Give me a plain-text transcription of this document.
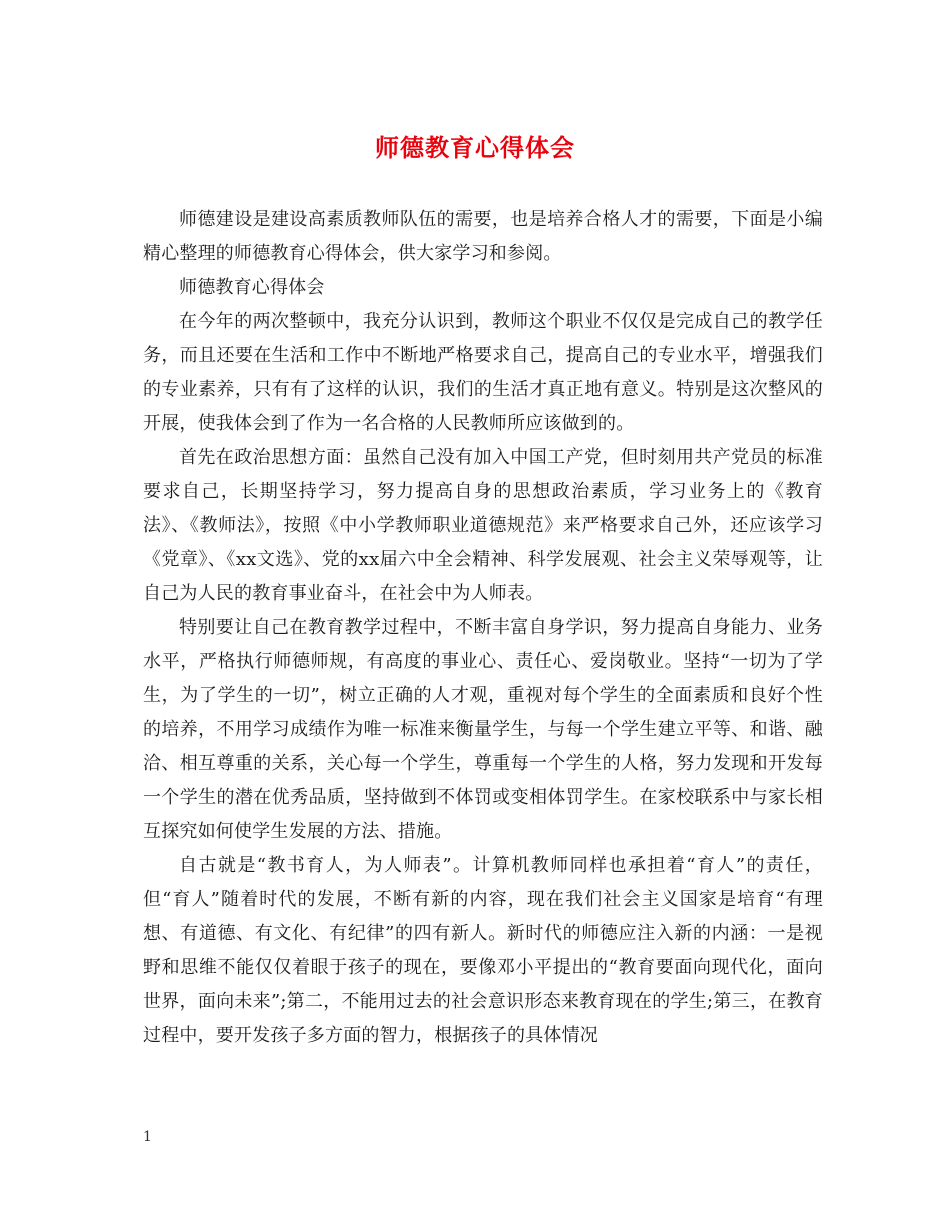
师德教育心得体会

师德建设是建设高素质教师队伍的需要，也是培养合格人才的需要，下面是小编精心整理的师德教育心得体会，供大家学习和参阅。

师德教育心得体会

在今年的两次整顿中，我充分认识到，教师这个职业不仅仅是完成自己的教学任务，而且还要在生活和工作中不断地严格要求自己，提高自己的专业水平，增强我们的专业素养，只有有了这样的认识，我们的生活才真正地有意义。特别是这次整风的开展，使我体会到了作为一名合格的人民教师所应该做到的。

首先在政治思想方面：虽然自己没有加入中国工产党，但时刻用共产党员的标准要求自己，长期坚持学习，努力提高自身的思想政治素质，学习业务上的《教育法》、《教师法》，按照《中小学教师职业道德规范》来严格要求自己外，还应该学习《党章》、《xx文选》、党的xx届六中全会精神、科学发展观、社会主义荣辱观等，让自己为人民的教育事业奋斗，在社会中为人师表。

特别要让自己在教育教学过程中，不断丰富自身学识，努力提高自身能力、业务水平，严格执行师德师规，有高度的事业心、责任心、爱岗敬业。坚持“一切为了学生，为了学生的一切”，树立正确的人才观，重视对每个学生的全面素质和良好个性的培养，不用学习成绩作为唯一标准来衡量学生，与每一个学生建立平等、和谐、融洽、相互尊重的关系，关心每一个学生，尊重每一个学生的人格，努力发现和开发每一个学生的潜在优秀品质，坚持做到不体罚或变相体罚学生。在家校联系中与家长相互探究如何使学生发展的方法、措施。

自古就是“教书育人，为人师表”。计算机教师同样也承担着“育人”的责任，但“育人”随着时代的发展，不断有新的内容，现在我们社会主义国家是培育“有理想、有道德、有文化、有纪律”的四有新人。新时代的师德应注入新的内涵：一是视野和思维不能仅仅着眼于孩子的现在，要像邓小平提出的“教育要面向现代化，面向世界，面向未来”;第二，不能用过去的社会意识形态来教育现在的学生;第三，在教育过程中，要开发孩子多方面的智力，根据孩子的具体情况

1
